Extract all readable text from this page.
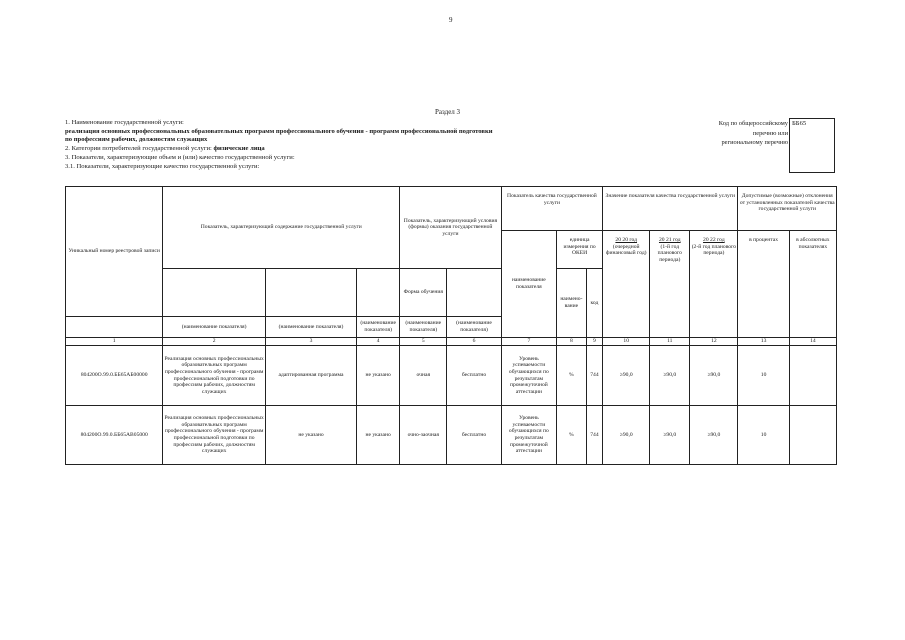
9
Раздел 3
1. Наименование государственной услуги:
реализация основных профессиональных образовательных программ профессионального обучения - программ профессиональной подготовки
по профессиям рабочих, должностям служащих
2. Категории потребителей государственной услуги: физические лица
3. Показатели, характеризующие объем и (или) качество государственной услуги:
3.1. Показатели, характеризующие качество государственной услуги:
Код по общероссийскому
перечню или
региональному перечню
ББ65
Уникальный номер реестровой записи	Показатель, характеризующий содержание государственной услуги			Показатель, характеризующий условия (формы) оказания государственной услуги		Показатель качества государственной услуги			Значение показателя качества государственной услуги			Допустимые (возможные) отклонения от установленных показателей качества государственной услуги	
						наименование показателя	единица измерения по ОКЕИ		20 20 год
(очередной финансовый год)	20 21 год
(1-й год планового периода)	20 22 год
(2-й год планового периода)	в процентах	в абсолютных показателях
				Форма обучения			наимено-вание	код					
	(наименование показателя)	(наименование показателя)	(наименование показателя)	(наименование показателя)	(наименование показателя)								
1	2	3	4	5	6	7	8	9	10	11	12	13	14
804200О.99.0.ББ65АБ00000	Реализация основных профессиональных образовательных программ профессионального обучения - программ профессиональной подготовки по профессиям рабочих, должностям служащих	адаптированная программа	не указано	очная	бесплатно	Уровень успеваемости обучающихся по результатам промежуточной аттестации	%	744	≥90,0	≥90,0	≥90,0	10	
804200О.99.0.ББ65АВ05000	Реализация основных профессиональных образовательных программ профессионального обучения - программ профессиональной подготовки по профессиям рабочих, должностям служащих	не указано	не указано	очно-заочная	бесплатно	Уровень успеваемости обучающихся по результатам промежуточной аттестации	%	744	≥90,0	≥90,0	≥90,0	10	
